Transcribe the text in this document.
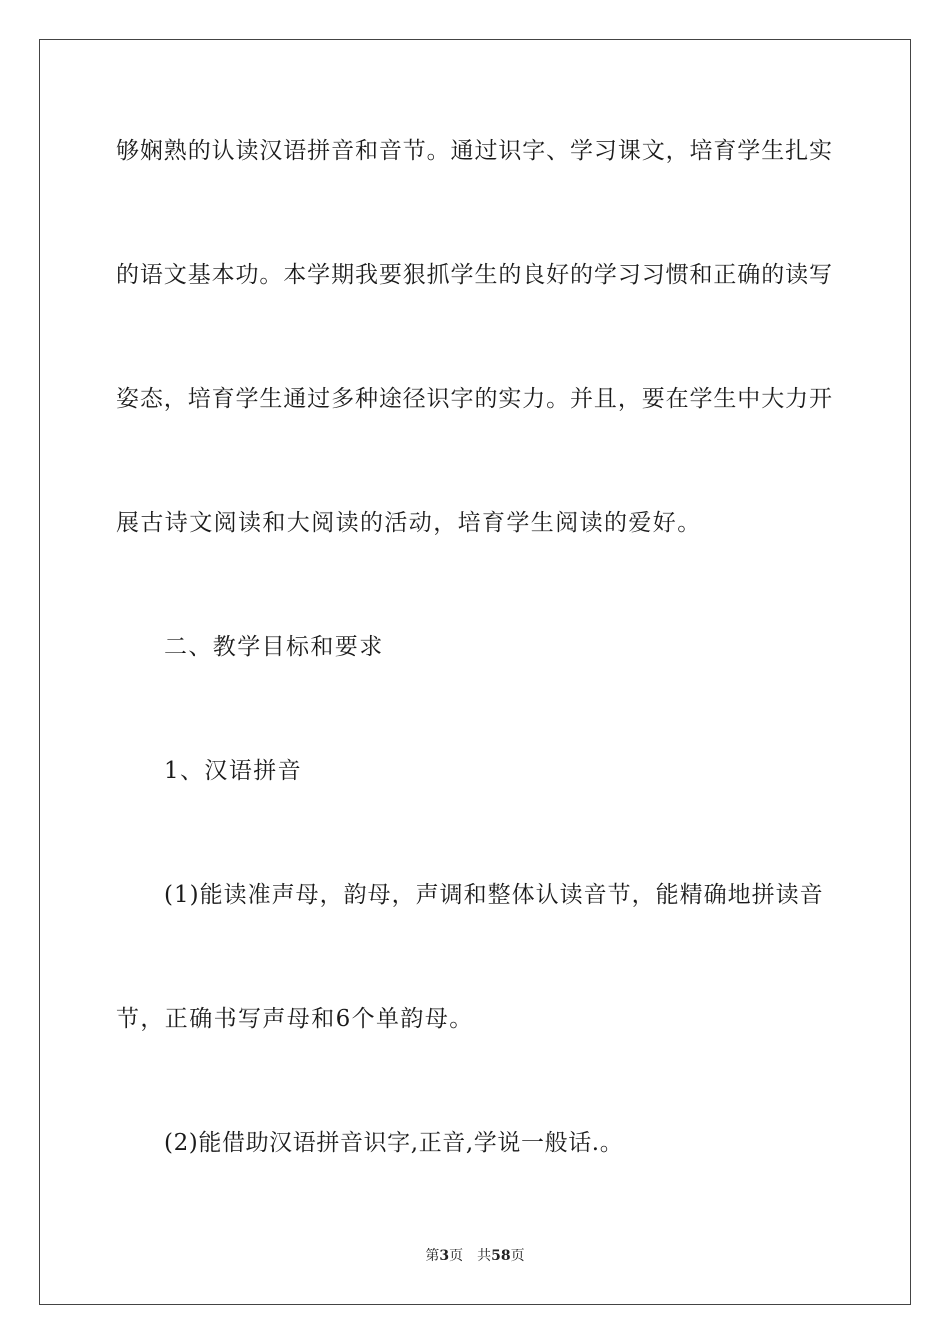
够娴熟的认读汉语拼音和音节。通过识字、学习课文，培育学生扎实
的语文基本功。本学期我要狠抓学生的良好的学习习惯和正确的读写
姿态，培育学生通过多种途径识字的实力。并且，要在学生中大力开
展古诗文阅读和大阅读的活动，培育学生阅读的爱好。
二、教学目标和要求
1、汉语拼音
(1)能读准声母，韵母，声调和整体认读音节，能精确地拼读音
节，正确书写声母和6个单韵母。
(2)能借助汉语拼音识字,正音,学说一般话.。
第3页 共58页
